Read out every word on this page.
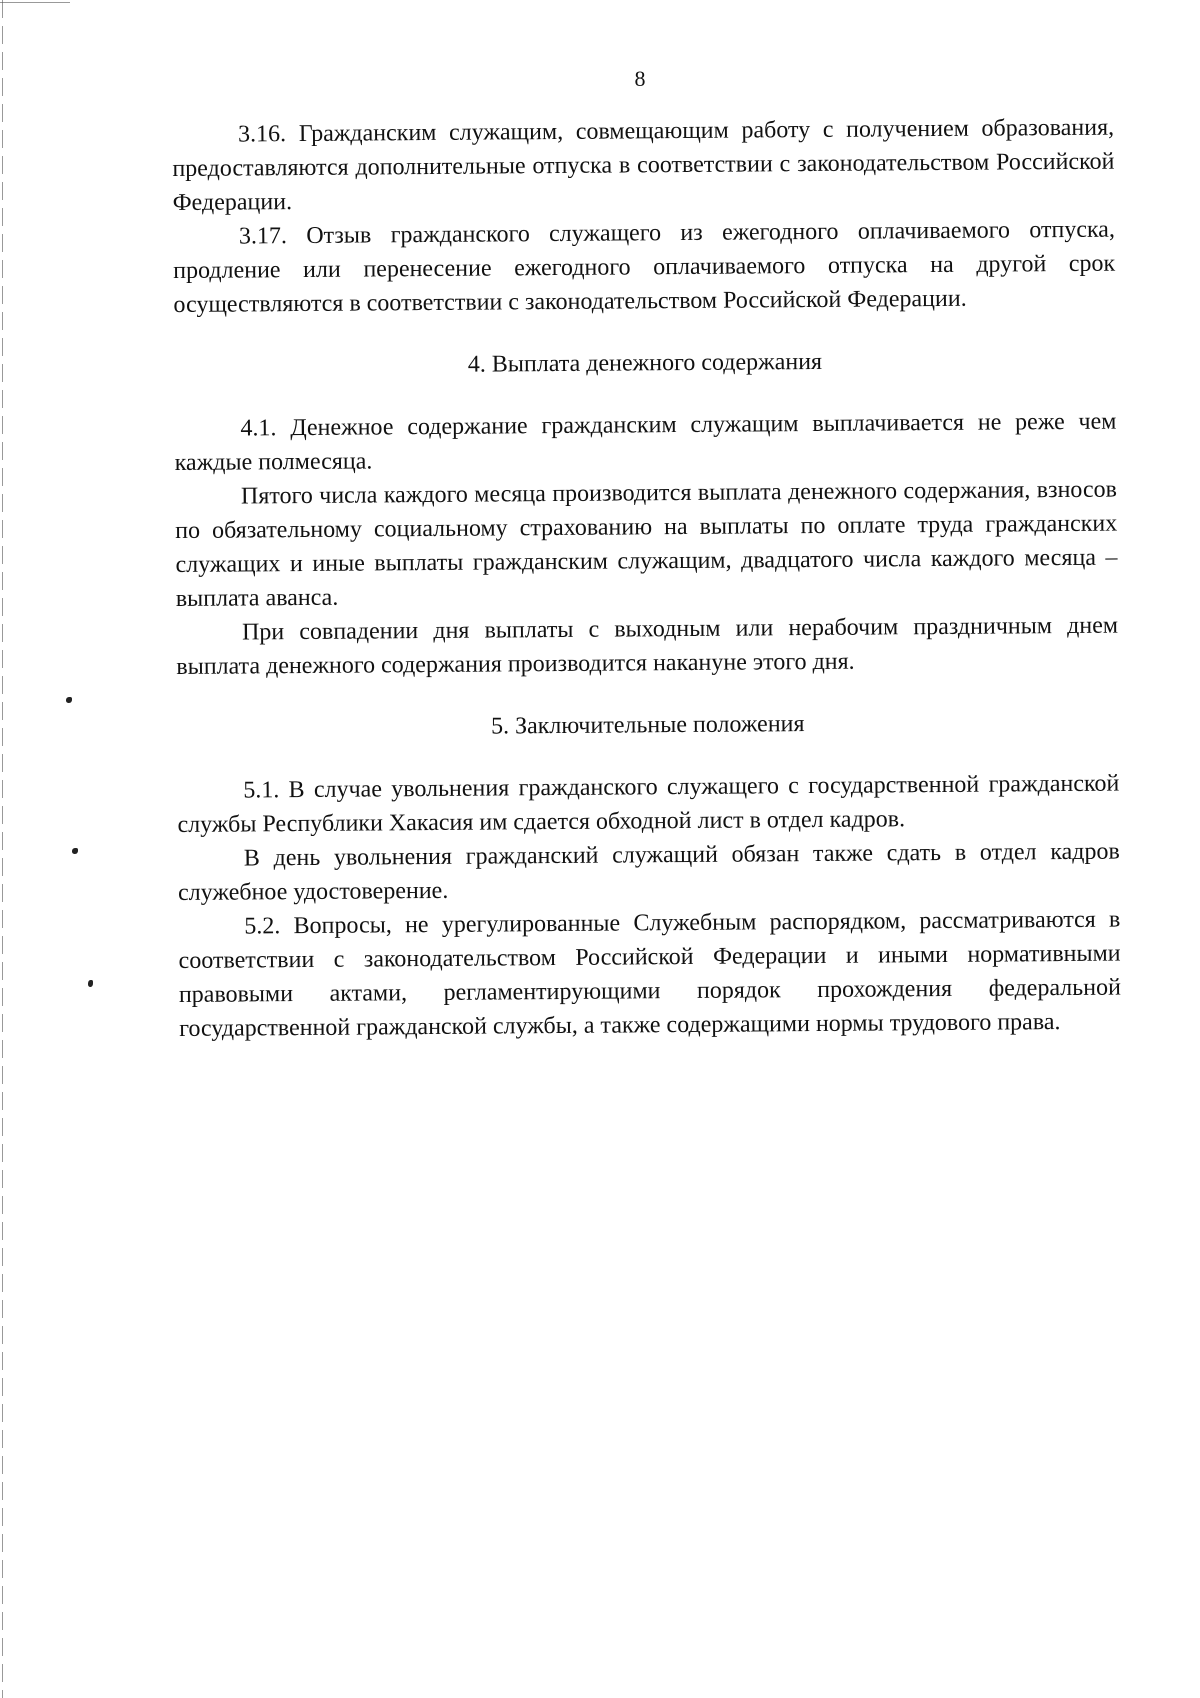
8

3.16. Гражданским служащим, совмещающим работу с получением образования, предоставляются дополнительные отпуска в соответствии с законодательством Российской Федерации.

3.17. Отзыв гражданского служащего из ежегодного оплачиваемого отпуска, продление или перенесение ежегодного оплачиваемого отпуска на другой срок осуществляются в соответствии с законодательством Российской Федерации.

4. Выплата денежного содержания

4.1. Денежное содержание гражданским служащим выплачивается не реже чем каждые полмесяца.

Пятого числа каждого месяца производится выплата денежного содержания, взносов по обязательному социальному страхованию на выплаты по оплате труда гражданских служащих и иные выплаты гражданским служащим, двадцатого числа каждого месяца – выплата аванса.

При совпадении дня выплаты с выходным или нерабочим праздничным днем выплата денежного содержания производится накануне этого дня.

5. Заключительные положения

5.1. В случае увольнения гражданского служащего с государственной гражданской службы Республики Хакасия им сдается обходной лист в отдел кадров.

В день увольнения гражданский служащий обязан также сдать в отдел кадров служебное удостоверение.

5.2. Вопросы, не урегулированные Служебным распорядком, рассматриваются в соответствии с законодательством Российской Федерации и иными нормативными правовыми актами, регламентирующими порядок прохождения федеральной государственной гражданской службы, а также содержащими нормы трудового права.
